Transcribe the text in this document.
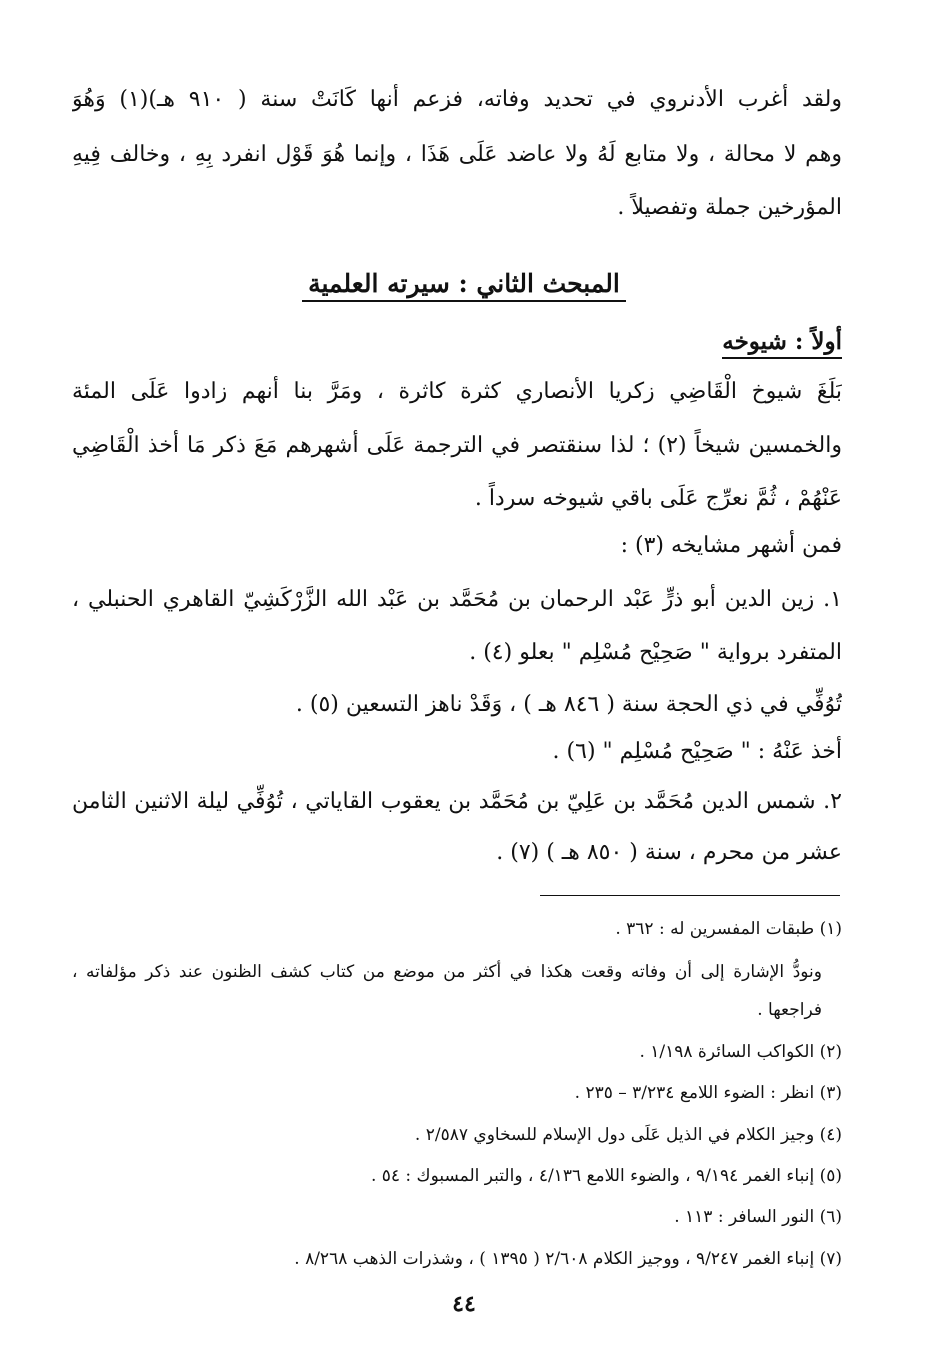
ولقد أغرب الأدنروي في تحديد وفاته، فزعم أنها كَانَتْ سنة ( ٩١٠ هـ)(١) وَهُوَ
وهم لا محالة ، ولا متابع لَهُ ولا عاضد عَلَى هَذَا ، وإنما هُوَ قَوْل انفرد بِهِ ، وخالف فِيهِ
المؤرخين جملة وتفصيلاً .
المبحث الثاني : سيرته العلمية
أولاً : شيوخه
بَلَغَ شيوخ الْقَاضِي زكريا الأنصاري كثرة كاثرة ، ومَرَّ بنا أنهم زادوا عَلَى المئة
والخمسين شيخاً (٢) ؛ لذا سنقتصر في الترجمة عَلَى أشهرهم مَعَ ذكر مَا أخذ الْقَاضِي
عَنْهُمْ ، ثُمَّ نعرِّج عَلَى باقي شيوخه سرداً .
فمن أشهر مشايخه (٣) :
١. زين الدين أبو ذرٍّ عَبْد الرحمان بن مُحَمَّد بن عَبْد الله الزَّرْكَشِيّ القاهري الحنبلي ،
المتفرد برواية " صَحِيْح مُسْلِم " بعلو (٤) .
تُوُفِّي في ذي الحجة سنة ( ٨٤٦ هـ ) ، وَقَدْ ناهز التسعين (٥) .
أخذ عَنْهُ : " صَحِيْح مُسْلِم " (٦) .
٢. شمس الدين مُحَمَّد بن عَلِيّ بن مُحَمَّد بن يعقوب القاياتي ، تُوُفِّي ليلة الاثنين الثامن
عشر من محرم ، سنة ( ٨٥٠ هـ ) (٧) .
(١) طبقات المفسرين له : ٣٦٢ .
ونودُّ الإشارة إلى أن وفاته وقعت هكذا في أكثر من موضع من كتاب كشف الظنون عند ذكر مؤلفاته ،
فراجعها .
(٢) الكواكب السائرة ١/١٩٨ .
(٣) انظر : الضوء اللامع ٣/٢٣٤ – ٢٣٥ .
(٤) وجيز الكلام في الذيل عَلَى دول الإسلام للسخاوي ٢/٥٨٧ .
(٥) إنباء الغمر ٩/١٩٤ ، والضوء اللامع ٤/١٣٦ ، والتبر المسبوك : ٥٤ .
(٦) النور السافر : ١١٣ .
(٧) إنباء الغمر ٩/٢٤٧ ، ووجيز الكلام ٢/٦٠٨ ( ١٣٩٥ ) ، وشذرات الذهب ٨/٢٦٨ .
٤٤
